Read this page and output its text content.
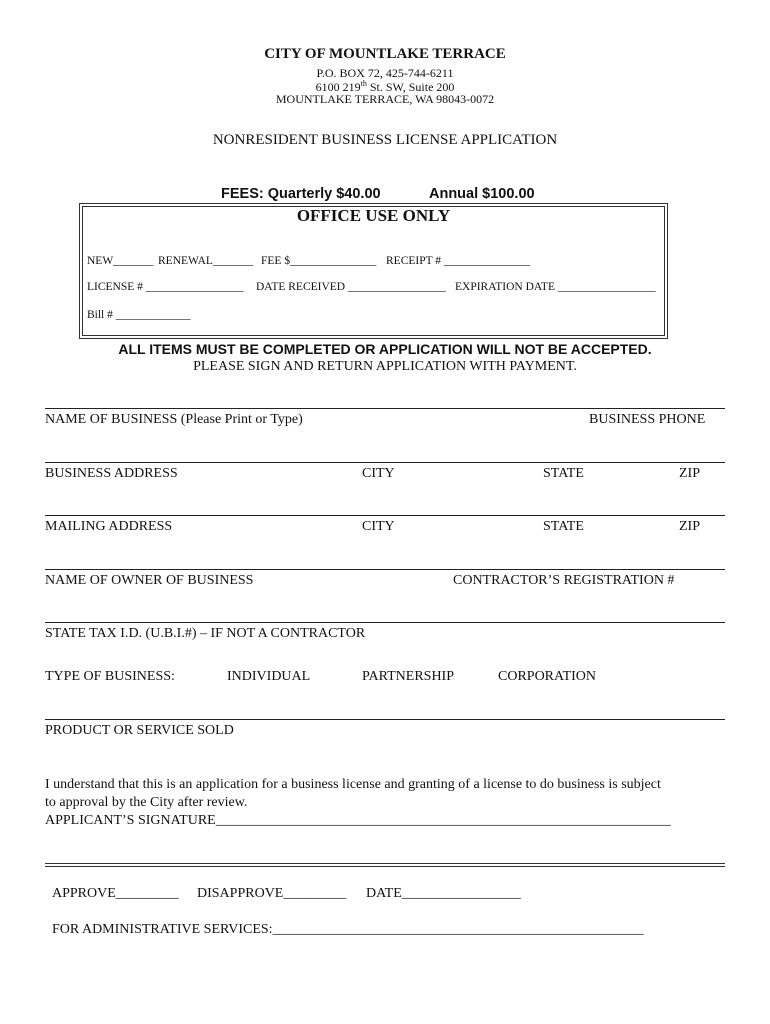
CITY OF MOUNTLAKE TERRACE
P.O. BOX 72, 425-744-6211
6100 219th St. SW, Suite 200
MOUNTLAKE TERRACE, WA 98043-0072
NONRESIDENT BUSINESS LICENSE APPLICATION
FEES: Quarterly $40.00	Annual $100.00
OFFICE USE ONLY
NEW_______ RENEWAL_______ FEE $_______________ RECEIPT # _______________
LICENSE # _________________ DATE RECEIVED _________________ EXPIRATION DATE _________________
Bill # _____________
ALL ITEMS MUST BE COMPLETED OR APPLICATION WILL NOT BE ACCEPTED.
PLEASE SIGN AND RETURN APPLICATION WITH PAYMENT.
NAME OF BUSINESS (Please Print or Type)	BUSINESS PHONE
BUSINESS ADDRESS	CITY	STATE	ZIP
MAILING ADDRESS	CITY	STATE	ZIP
NAME OF OWNER OF BUSINESS	CONTRACTOR’S REGISTRATION #
STATE TAX I.D. (U.B.I.#) – IF NOT A CONTRACTOR
TYPE OF BUSINESS:	INDIVIDUAL	PARTNERSHIP	CORPORATION
PRODUCT OR SERVICE SOLD
I understand that this is an application for a business license and granting of a license to do business is subject
to approval by the City after review.
APPLICANT’S SIGNATURE_________________________________________________________________
APPROVE_________ DISAPPROVE_________ DATE_________________
FOR ADMINISTRATIVE SERVICES:_____________________________________________________
